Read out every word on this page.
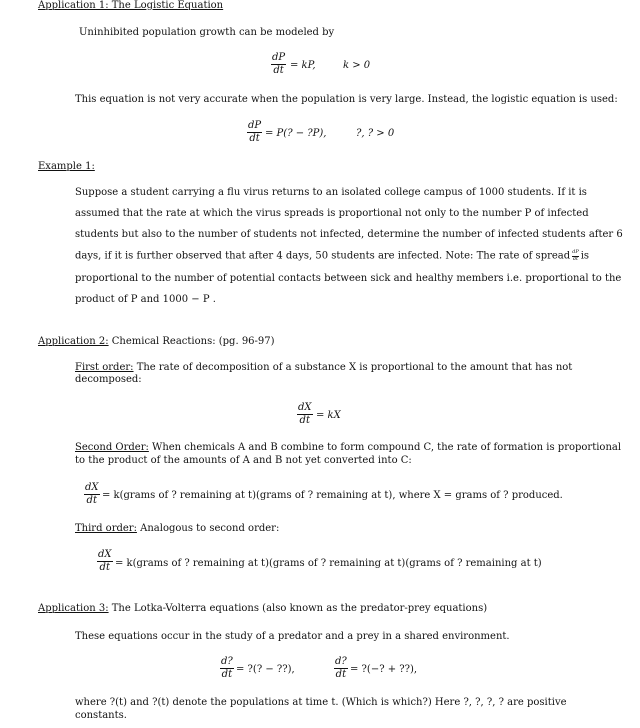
Application 1: The Logistic Equation
Uninhibited population growth can be modeled by
$\frac{dP}{dt}$ = kP,	k > 0
This equation is not very accurate when the population is very large. Instead, the logistic equation is used:
$\frac{dP}{dt} = P$(? − ?P),	?, ? > 0
Example 1:
Suppose a student carrying a flu virus returns to an isolated college campus of 1000 students. If it is
assumed that the rate at which the virus spreads is proportional not only to the number P of infected
students but also to the number of students not infected, determine the number of infected students after 6
days, if it is further observed that after 4 days, 50 students are infected. Note: The rate of spread $\frac{dP}{dt}$ is
proportional to the number of potential contacts between sick and healthy members i.e. proportional to the
product of P and 1000 − P .
Application 2: Chemical Reactions: (pg. 96-97)
First order: The rate of decomposition of a substance X is proportional to the amount that has not
decomposed:
$\frac{dX}{dt}$ = kX
Second Order: When chemicals A and B combine to form compound C, the rate of formation is proportional
to the product of the amounts of A and B not yet converted into C:
$\frac{dX}{dt}$ = k(grams of ? remaining at t)(grams of ? remaining at t), where X = grams of ? produced.
Third order: Analogous to second order:
$\frac{dX}{dt}$ = k(grams of ? remaining at t)(grams of ? remaining at t)(grams of ? remaining at t)
Application 3: The Lotka-Volterra equations (also known as the predator-prey equations)
These equations occur in the study of a predator and a prey in a shared environment.
$\frac{d?}{dt}$ = ?(? − ??),	$\frac{d?}{dt}$ = ?(−? + ??),
where ?(t) and ?(t) denote the populations at time t. (Which is which?) Here ?, ?, ?, ? are positive
constants.
